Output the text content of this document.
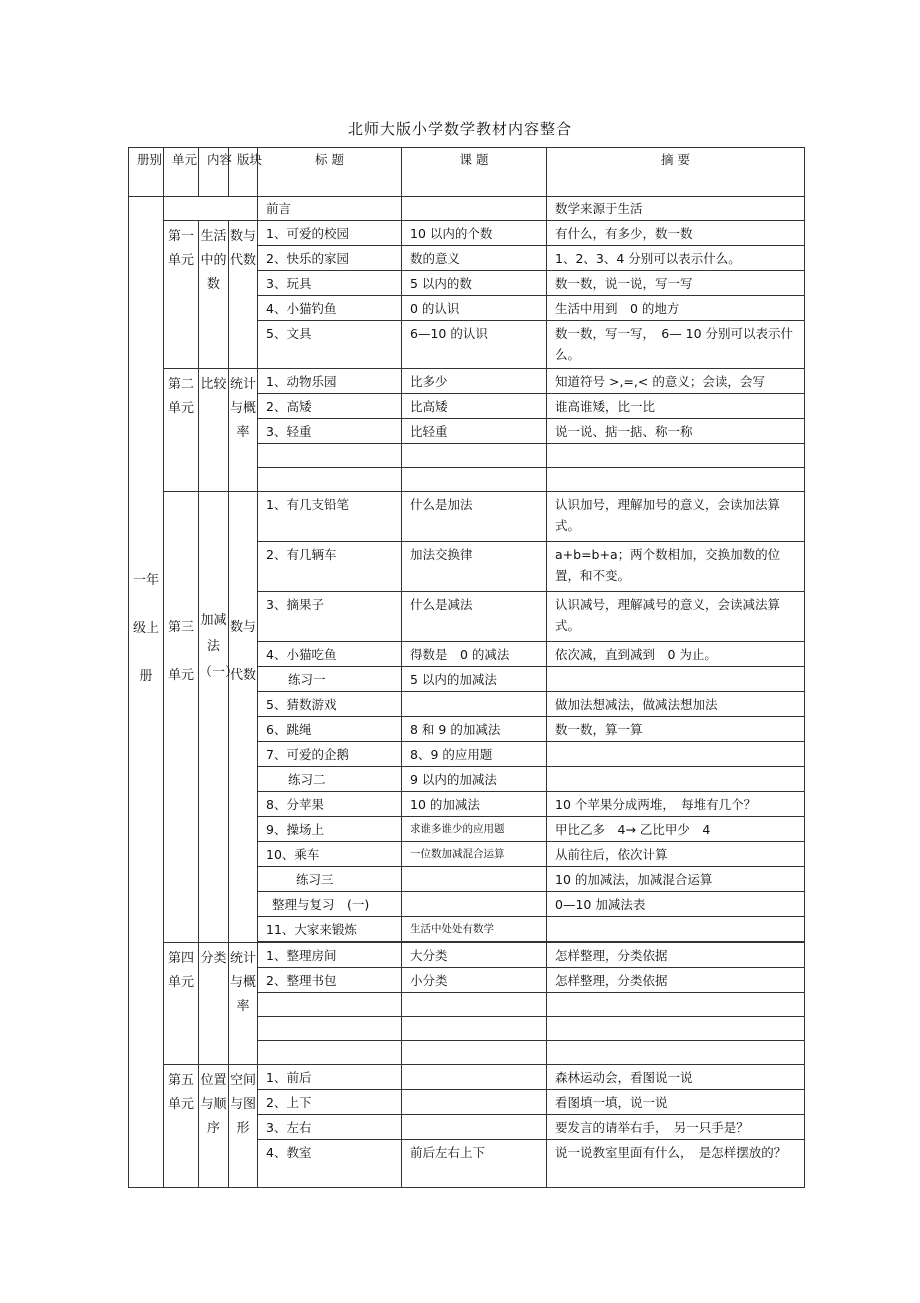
北师大版小学数学教材内容整合
册别	单元	内容	版块	标 题	课 题	摘 要

一年级上册				前言		数学来源于生活
	第一单元	生活中的数	数与代数	1、可爱的校园	10 以内的个数	有什么，有多少，数一数
				2、快乐的家园	数的意义	1、2、3、4 分别可以表示什么。
				3、玩具	5 以内的数	数一数，说一说，写一写
				4、小猫钓鱼	0 的认识	生活中用到　0 的地方
				5、文具	6—10 的认识	数一数，写一写，　6— 10 分别可以表示什么。
	第二单元	比较	统计与概率	1、动物乐园	比多少	知道符号 >,=,< 的意义；会读，会写
				2、高矮	比高矮	谁高谁矮，比一比
				3、轻重	比轻重	说一说、掂一掂、称一称

	第三单元	加减法（一）	数与代数	1、有几支铅笔	什么是加法	认识加号，理解加号的意义，会读加法算式。
				2、有几辆车	加法交换律	a+b=b+a；两个数相加，交换加数的位置，和不变。
				3、摘果子	什么是减法	认识减号，理解减号的意义，会读减法算式。
				4、小猫吃鱼	得数是　0 的减法	依次减，直到减到　0 为止。
				练习一	5 以内的加减法	
				5、猜数游戏		做加法想减法，做减法想加法
				6、跳绳	8 和 9 的加减法	数一数，算一算
				7、可爱的企鹅	8、9 的应用题	
				练习二	9 以内的加减法	
				8、分苹果	10 的加减法	10 个苹果分成两堆，　每堆有几个？
				9、操场上	求谁多谁少的应用题	甲比乙多　4→ 乙比甲少　4
				10、乘车	一位数加减混合运算	从前往后，依次计算
				练习三		10 的加减法，加减混合运算
				整理与复习　(一)		0—10 加减法表
				11、大家来锻炼	生活中处处有数学	

	第四单元	分类	统计与概率	1、整理房间	大分类	怎样整理，分类依据
				2、整理书包	小分类	怎样整理，分类依据

	第五单元	位置与顺序	空间与图形	1、前后		森林运动会，看图说一说
				2、上下		看图填一填，说一说
				3、左右		要发言的请举右手，　另一只手是？
				4、教室	前后左右上下	说一说教室里面有什么，　是怎样摆放的？
